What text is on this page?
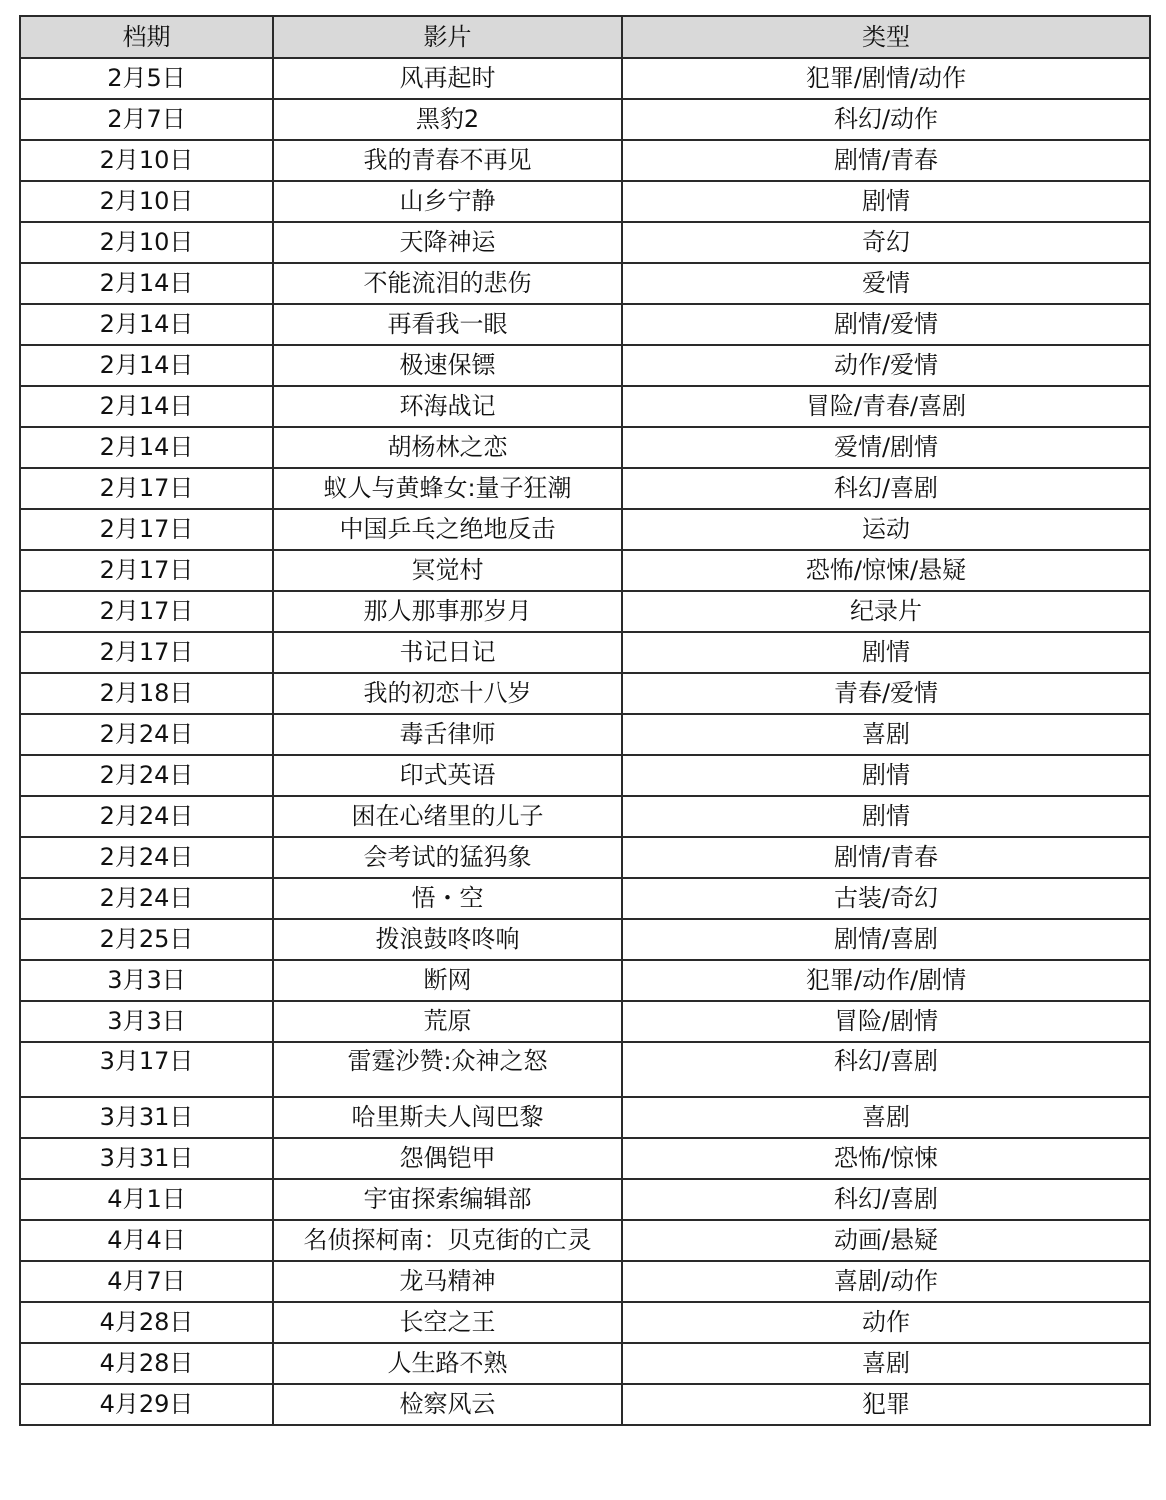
档期	影片	类型
2月5日	风再起时	犯罪/剧情/动作
2月7日	黑豹2	科幻/动作
2月10日	我的青春不再见	剧情/青春
2月10日	山乡宁静	剧情
2月10日	天降神运	奇幻
2月14日	不能流泪的悲伤	爱情
2月14日	再看我一眼	剧情/爱情
2月14日	极速保镖	动作/爱情
2月14日	环海战记	冒险/青春/喜剧
2月14日	胡杨林之恋	爱情/剧情
2月17日	蚁人与黄蜂女:量子狂潮	科幻/喜剧
2月17日	中国乒乓之绝地反击	运动
2月17日	冥觉村	恐怖/惊悚/悬疑
2月17日	那人那事那岁月	纪录片
2月17日	书记日记	剧情
2月18日	我的初恋十八岁	青春/爱情
2月24日	毒舌律师	喜剧
2月24日	印式英语	剧情
2月24日	困在心绪里的儿子	剧情
2月24日	会考试的猛犸象	剧情/青春
2月24日	悟・空	古装/奇幻
2月25日	拨浪鼓咚咚响	剧情/喜剧
3月3日	断网	犯罪/动作/剧情
3月3日	荒原	冒险/剧情
3月17日	雷霆沙赞:众神之怒	科幻/喜剧
3月31日	哈里斯夫人闯巴黎	喜剧
3月31日	怨偶铠甲	恐怖/惊悚
4月1日	宇宙探索编辑部	科幻/喜剧
4月4日	名侦探柯南：贝克街的亡灵	动画/悬疑
4月7日	龙马精神	喜剧/动作
4月28日	长空之王	动作
4月28日	人生路不熟	喜剧
4月29日	检察风云	犯罪
